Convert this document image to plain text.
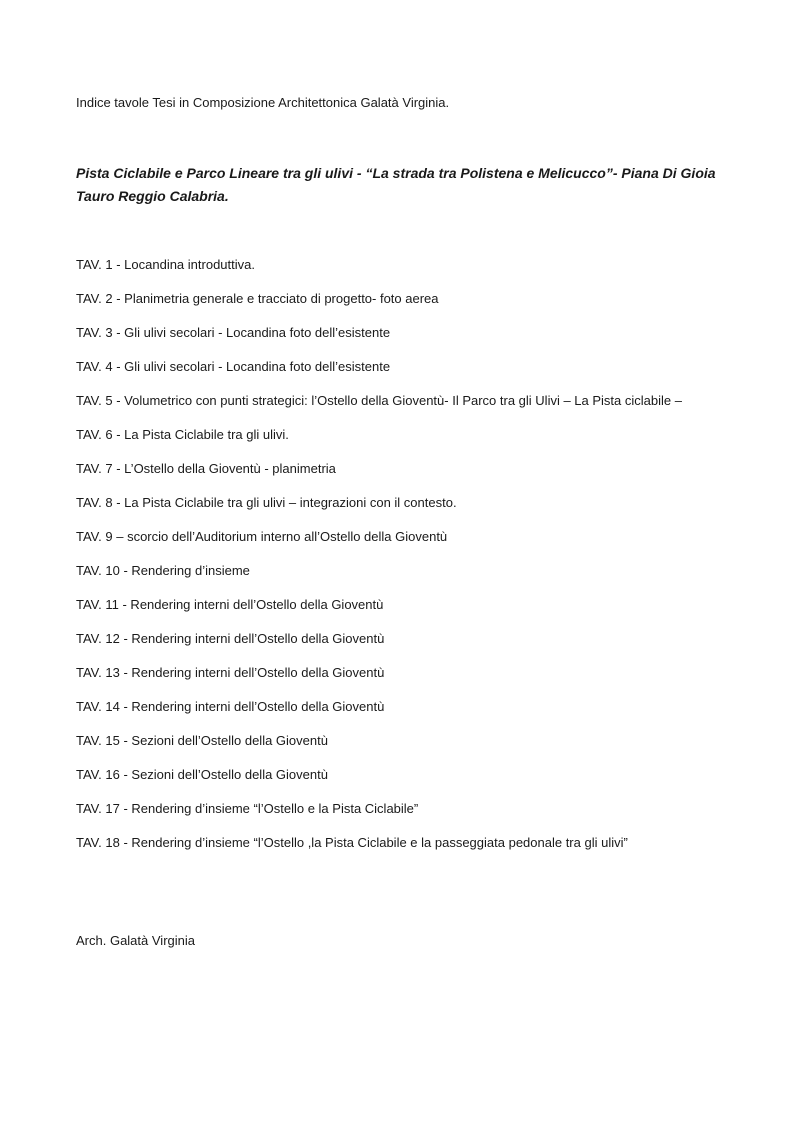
Indice tavole Tesi in Composizione Architettonica Galatà Virginia.
Pista Ciclabile e Parco Lineare tra gli ulivi - “La strada tra Polistena e Melicucco”- Piana Di Gioia Tauro Reggio Calabria.
TAV. 1 - Locandina introduttiva.
TAV. 2 - Planimetria generale e tracciato di progetto- foto aerea
TAV. 3 - Gli ulivi secolari - Locandina foto dell’esistente
TAV. 4 - Gli ulivi secolari - Locandina foto dell’esistente
TAV. 5 - Volumetrico con punti strategici: l’Ostello della Gioventù- Il Parco tra gli Ulivi – La Pista ciclabile –
TAV. 6 - La Pista Ciclabile tra gli ulivi.
TAV. 7 - L’Ostello della Gioventù - planimetria
TAV. 8 - La Pista Ciclabile tra gli ulivi – integrazioni con il contesto.
TAV. 9 – scorcio dell’Auditorium interno all’Ostello della Gioventù
TAV. 10 - Rendering d’insieme
TAV. 11 - Rendering interni dell’Ostello della Gioventù
TAV. 12 - Rendering interni dell’Ostello della Gioventù
TAV. 13 - Rendering interni dell’Ostello della Gioventù
TAV. 14 - Rendering interni dell’Ostello della Gioventù
TAV. 15 - Sezioni dell’Ostello della Gioventù
TAV. 16 - Sezioni dell’Ostello della Gioventù
TAV. 17 - Rendering d’insieme “l’Ostello e la Pista Ciclabile”
TAV. 18 - Rendering d’insieme “l’Ostello ,la Pista Ciclabile e la passeggiata pedonale tra gli ulivi”
Arch. Galatà Virginia
